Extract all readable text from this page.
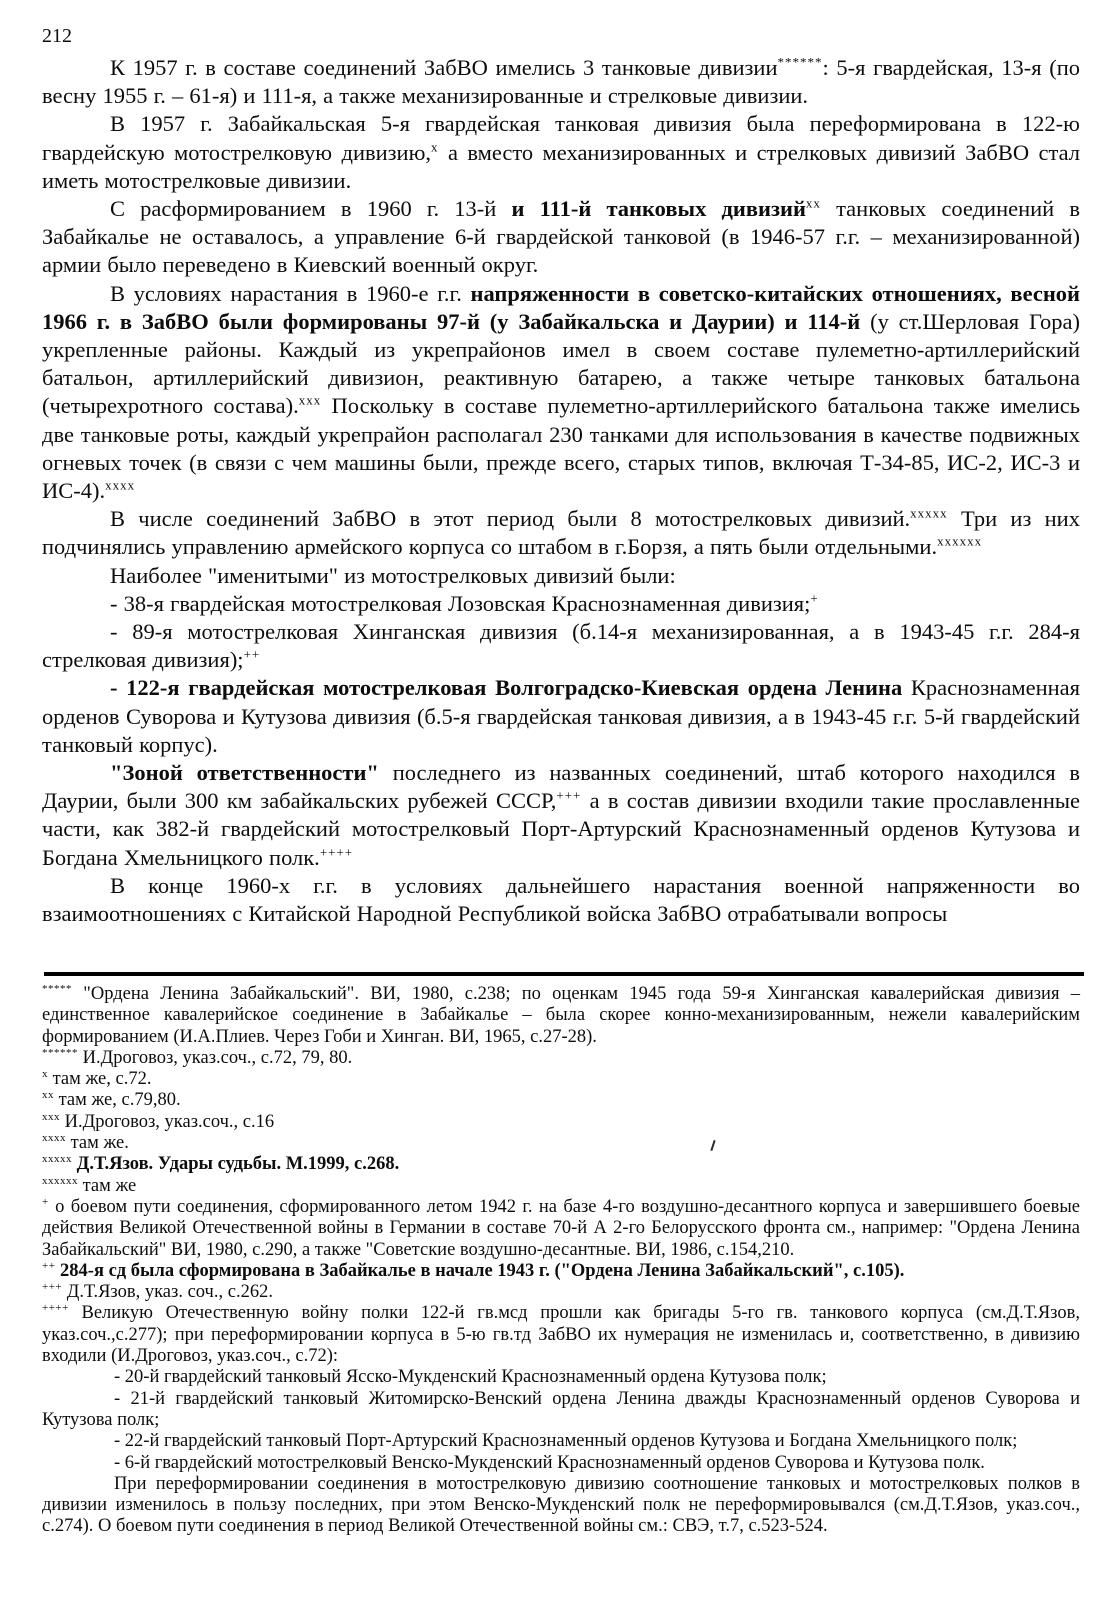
212

К 1957 г. в составе соединений ЗабВО имелись 3 танковые дивизии******: 5-я гвардейская, 13-я (по весну 1955 г. – 61-я) и 111-я, а также механизированные и стрелковые дивизии.

В 1957 г. Забайкальская 5-я гвардейская танковая дивизия была переформирована в 122-ю гвардейскую мотострелковую дивизию,$^х$ а вместо механизированных и стрелковых дивизий ЗабВО стал иметь мотострелковые дивизии.

С расформированием в 1960 г. 13-й и 111-й танковых дивизий$^{хх}$ танковых соединений в Забайкалье не оставалось, а управление 6-й гвардейской танковой (в 1946-57 г.г. – механизированной) армии было переведено в Киевский военный округ.

В условиях нарастания в 1960-е г.г. напряженности в советско-китайских отношениях, весной 1966 г. в ЗабВО были формированы 97-й (у Забайкальска и Даурии) и 114-й (у ст.Шерловая Гора) укрепленные районы. Каждый из укрепрайонов имел в своем составе пулеметно-артиллерийский батальон, артиллерийский дивизион, реактивную батарею, а также четыре танковых батальона (четырехротного состава).$^{ххх}$ Поскольку в составе пулеметно-артиллерийского батальона также имелись две танковые роты, каждый укрепрайон располагал 230 танками для использования в качестве подвижных огневых точек (в связи с чем машины были, прежде всего, старых типов, включая Т-34-85, ИС-2, ИС-3 и ИС-4).$^{хххх}$

В числе соединений ЗабВО в этот период были 8 мотострелковых дивизий.$^{ххххх}$ Три из них подчинялись управлению армейского корпуса со штабом в г.Борзя, а пять были отдельными.$^{хххххх}$

Наиболее "именитыми" из мотострелковых дивизий были:

- 38-я гвардейская мотострелковая Лозовская Краснознаменная дивизия;+

- 89-я мотострелковая Хинганская дивизия (б.14-я механизированная, а в 1943-45 г.г. 284-я стрелковая дивизия);++

- 122-я гвардейская мотострелковая Волгоградско-Киевская ордена Ленина Краснознаменная орденов Суворова и Кутузова дивизия (б.5-я гвардейская танковая дивизия, а в 1943-45 г.г. 5-й гвардейский танковый корпус).

"Зоной ответственности" последнего из названных соединений, штаб которого находился в Даурии, были 300 км забайкальских рубежей СССР,+++ а в состав дивизии входили такие прославленные части, как 382-й гвардейский мотострелковый Порт-Артурский Краснознаменный орденов Кутузова и Богдана Хмельницкого полк.++++

В конце 1960-х г.г. в условиях дальнейшего нарастания военной напряженности во взаимоотношениях с Китайской Народной Республикой войска ЗабВО отрабатывали вопросы

***** "Ордена Ленина Забайкальский". ВИ, 1980, с.238; по оценкам 1945 года 59-я Хинганская кавалерийская дивизия – единственное кавалерийское соединение в Забайкалье – была скорее конно-механизированным, нежели кавалерийским формированием (И.А.Плиев. Через Гоби и Хинган. ВИ, 1965, с.27-28).

****** И.Дроговоз, указ.соч., с.72, 79, 80.

$^х$ там же, с.72.

$^{хх}$ там же, с.79,80.

$^{ххх}$ И.Дроговоз, указ.соч., с.16

$^{хххх}$ там же.

$^{ххххх}$ Д.Т.Язов. Удары судьбы. М.1999, с.268.

$^{хххххх}$ там же

+ о боевом пути соединения, сформированного летом 1942 г. на базе 4-го воздушно-десантного корпуса и завершившего боевые действия Великой Отечественной войны в Германии в составе 70-й А 2-го Белорусского фронта см., например: "Ордена Ленина Забайкальский" ВИ, 1980, с.290, а также "Советские воздушно-десантные. ВИ, 1986, с.154,210.

++ 284-я сд была сформирована в Забайкалье в начале 1943 г. ("Ордена Ленина Забайкальский", с.105).

+++ Д.Т.Язов, указ. соч., с.262.

++++ Великую Отечественную войну полки 122-й гв.мсд прошли как бригады 5-го гв. танкового корпуса (см.Д.Т.Язов, указ.соч.,с.277); при переформировании корпуса в 5-ю гв.тд ЗабВО их нумерация не изменилась и, соответственно, в дивизию входили (И.Дроговоз, указ.соч., с.72):

- 20-й гвардейский танковый Ясско-Мукденский Краснознаменный ордена Кутузова полк;

- 21-й гвардейский танковый Житомирско-Венский ордена Ленина дважды Краснознаменный орденов Суворова и Кутузова полк;

- 22-й гвардейский танковый Порт-Артурский Краснознаменный орденов Кутузова и Богдана Хмельницкого полк;

- 6-й гвардейский мотострелковый Венско-Мукденский Краснознаменный орденов Суворова и Кутузова полк.

При переформировании соединения в мотострелковую дивизию соотношение танковых и мотострелковых полков в дивизии изменилось в пользу последних, при этом Венско-Мукденский полк не переформировывался (см.Д.Т.Язов, указ.соч., с.274). О боевом пути соединения в период Великой Отечественной войны см.: СВЭ, т.7, с.523-524.
